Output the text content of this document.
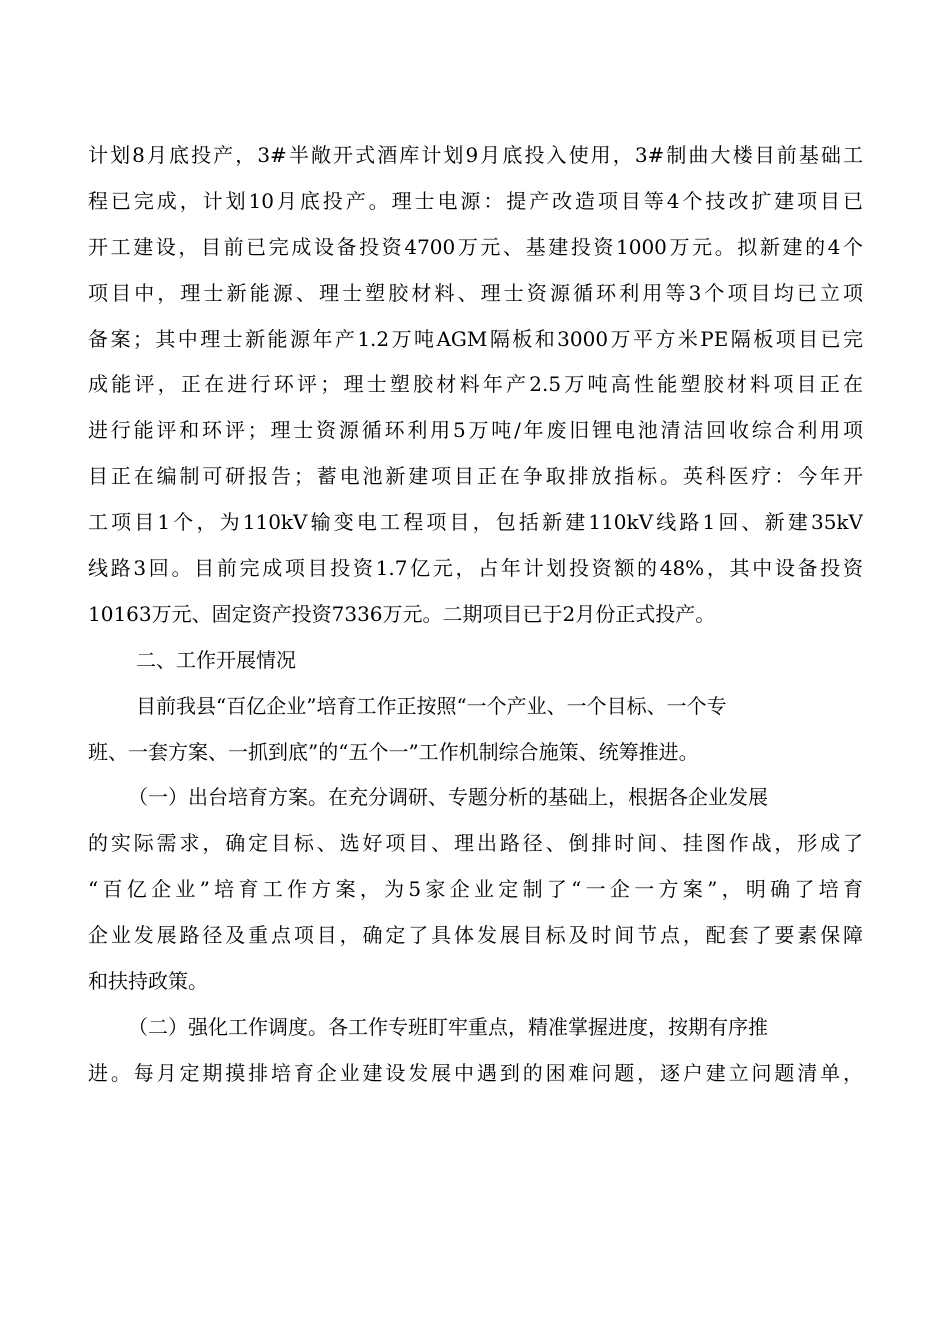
计划8月底投产，3#半敞开式酒库计划9月底投入使用，3#制曲大楼目前基础工
程已完成，计划10月底投产。理士电源：提产改造项目等4个技改扩建项目已
开工建设，目前已完成设备投资4700万元、基建投资1000万元。拟新建的4个
项目中，理士新能源、理士塑胶材料、理士资源循环利用等3个项目均已立项
备案；其中理士新能源年产1.2万吨AGM隔板和3000万平方米PE隔板项目已完
成能评，正在进行环评；理士塑胶材料年产2.5万吨高性能塑胶材料项目正在
进行能评和环评；理士资源循环利用5万吨/年废旧锂电池清洁回收综合利用项
目正在编制可研报告；蓄电池新建项目正在争取排放指标。英科医疗：今年开
工项目1个，为110kV输变电工程项目，包括新建110kV线路1回、新建35kV
线路3回。目前完成项目投资1.7亿元，占年计划投资额的48%，其中设备投资
10163万元、固定资产投资7336万元。二期项目已于2月份正式投产。
二、工作开展情况
目前我县“百亿企业”培育工作正按照“一个产业、一个目标、一个专
班、一套方案、一抓到底”的“五个一”工作机制综合施策、统筹推进。
（一）出台培育方案。在充分调研、专题分析的基础上，根据各企业发展
的实际需求，确定目标、选好项目、理出路径、倒排时间、挂图作战，形成了
“百亿企业”培育工作方案，为5家企业定制了“一企一方案”，明确了培育
企业发展路径及重点项目，确定了具体发展目标及时间节点，配套了要素保障
和扶持政策。
（二）强化工作调度。各工作专班盯牢重点，精准掌握进度，按期有序推
进。每月定期摸排培育企业建设发展中遇到的困难问题，逐户建立问题清单，
